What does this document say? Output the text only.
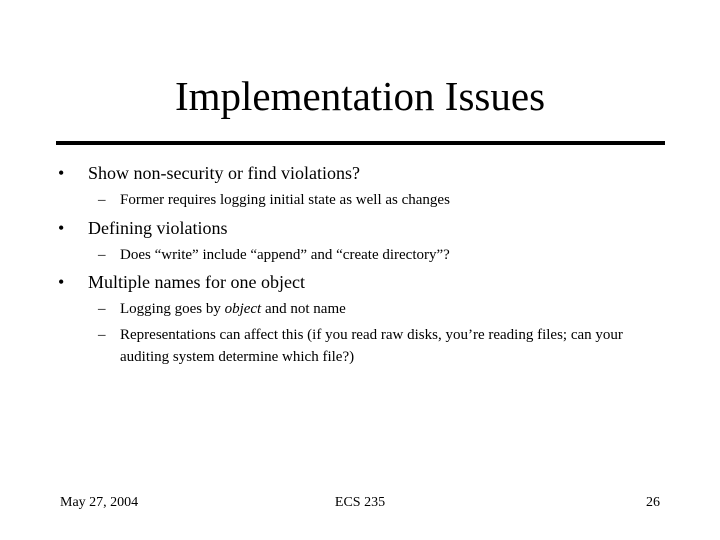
Implementation Issues
• Show non-security or find violations?
– Former requires logging initial state as well as changes
• Defining violations
– Does “write” include “append” and “create directory”?
• Multiple names for one object
– Logging goes by object and not name
– Representations can affect this (if you read raw disks, you’re reading files; can your auditing system determine which file?)
May 27, 2004	ECS 235	26
